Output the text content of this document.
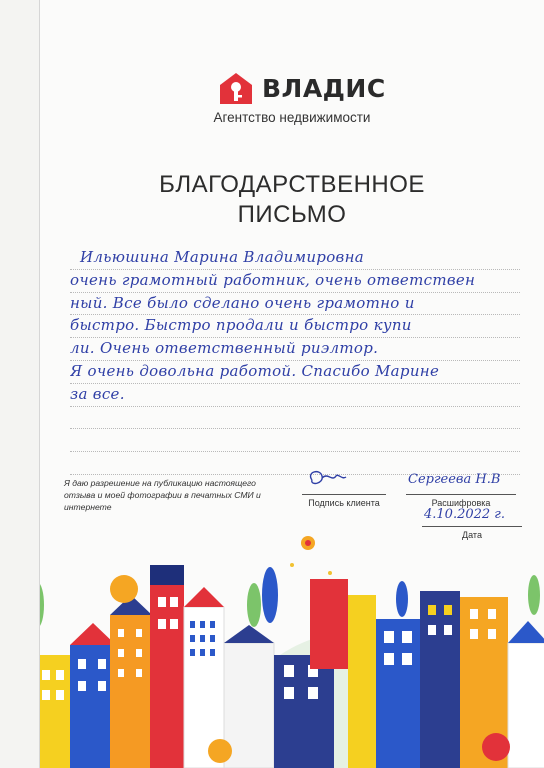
ВЛАДИС
Агентство недвижимости
БЛАГОДАРСТВЕННОЕ
ПИСЬМО
Ильюшина Марина Владимировна
очень грамотный работник, очень ответствен
ный. Все было сделано очень грамотно и
быстро. Быстро продали и быстро купи
ли. Очень ответственный риэлтор.
Я очень довольна работой. Спасибо Марине
за все.
Я даю разрешение на публикацию настоящего отзыва и моей фотографии в печатных СМИ и интернете	Подпись клиента
Сергеева Н.В
Расшифровка
4.10.2022 г.
Дата
